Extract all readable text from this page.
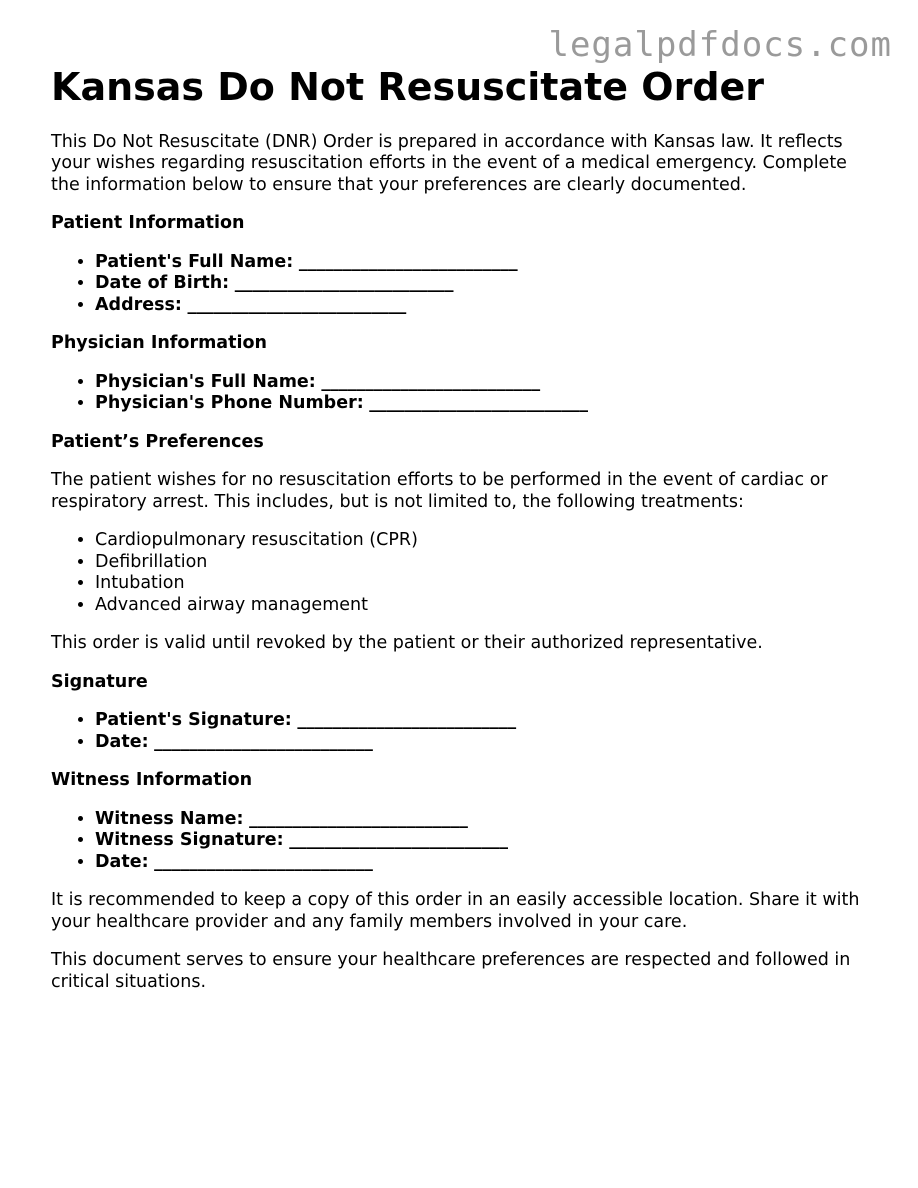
legalpdfdocs.com
Kansas Do Not Resuscitate Order

This Do Not Resuscitate (DNR) Order is prepared in accordance with Kansas law. It reflects your wishes regarding resuscitation efforts in the event of a medical emergency. Complete the information below to ensure that your preferences are clearly documented.

Patient Information
• Patient's Full Name: _________________________
• Date of Birth: _________________________
• Address: _________________________
Physician Information
• Physician's Full Name: _________________________
• Physician's Phone Number: _________________________
Patient’s Preferences

The patient wishes for no resuscitation efforts to be performed in the event of cardiac or respiratory arrest. This includes, but is not limited to, the following treatments:

• Cardiopulmonary resuscitation (CPR)
• Defibrillation
• Intubation
• Advanced airway management

This order is valid until revoked by the patient or their authorized representative.

Signature
• Patient's Signature: _________________________
• Date: _________________________
Witness Information
• Witness Name: _________________________
• Witness Signature: _________________________
• Date: _________________________

It is recommended to keep a copy of this order in an easily accessible location. Share it with your healthcare provider and any family members involved in your care.

This document serves to ensure your healthcare preferences are respected and followed in critical situations.
